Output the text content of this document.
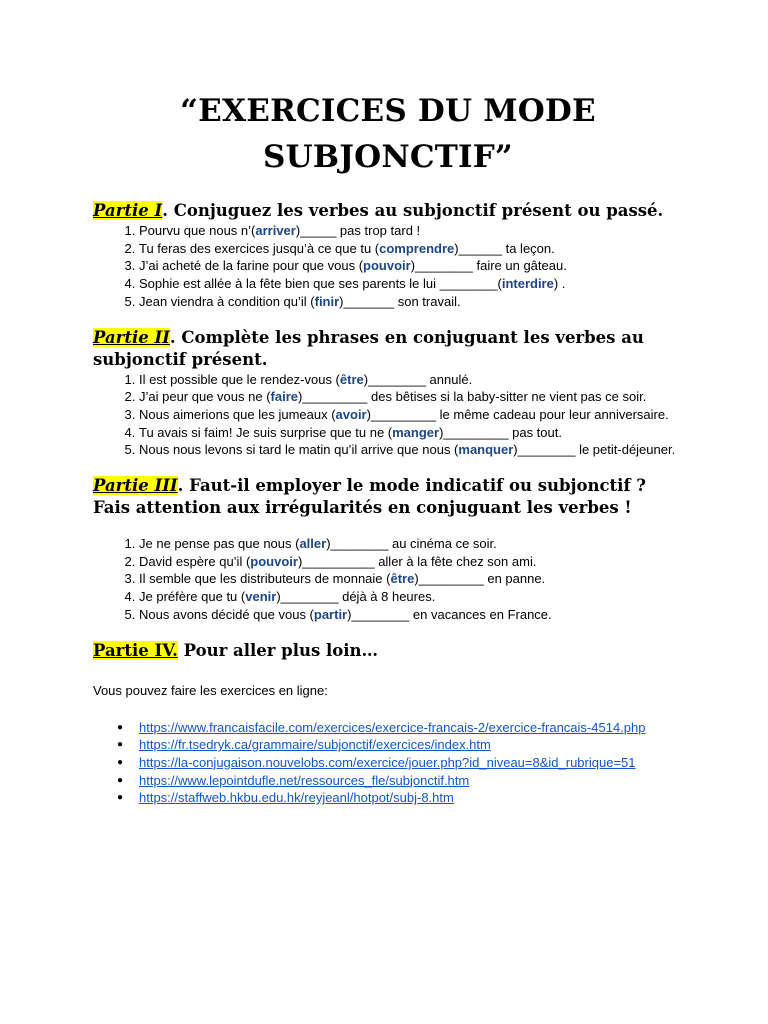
“EXERCICES DU MODE
SUBJONCTIF”

Partie I. Conjuguez les verbes au subjonctif présent ou passé.

1. Pourvu que nous n’(arriver)_____ pas trop tard !
2. Tu feras des exercices jusqu’à ce que tu (comprendre)______ ta leçon.
3. J’ai acheté de la farine pour que vous (pouvoir)________ faire un gâteau.
4. Sophie est allée à la fête bien que ses parents le lui ________(interdire) .
5. Jean viendra à condition qu’il (finir)_______ son travail.

Partie II. Complète les phrases en conjuguant les verbes au subjonctif présent.

1. Il est possible que le rendez-vous (être)________ annulé.
2. J’ai peur que vous ne (faire)_________ des bêtises si la baby-sitter ne vient pas ce soir.
3. Nous aimerions que les jumeaux (avoir)_________ le même cadeau pour leur anniversaire.
4. Tu avais si faim! Je suis surprise que tu ne (manger)_________ pas tout.
5. Nous nous levons si tard le matin qu’il arrive que nous (manquer)________ le petit-déjeuner.

Partie III. Faut-il employer le mode indicatif ou subjonctif ? Fais attention aux irrégularités en conjuguant les verbes !

1. Je ne pense pas que nous (aller)________ au cinéma ce soir.
2. David espère qu’il (pouvoir)__________ aller à la fête chez son ami.
3. Il semble que les distributeurs de monnaie (être)_________ en panne.
4. Je préfère que tu (venir)________ déjà à 8 heures.
5. Nous avons décidé que vous (partir)________ en vacances en France.

Partie IV. Pour aller plus loin…

Vous pouvez faire les exercices en ligne:

● https://www.francaisfacile.com/exercices/exercice-francais-2/exercice-francais-4514.php
● https://fr.tsedryk.ca/grammaire/subjonctif/exercices/index.htm
● https://la-conjugaison.nouvelobs.com/exercice/jouer.php?id_niveau=8&id_rubrique=51
● https://www.lepointdufle.net/ressources_fle/subjonctif.htm
● https://staffweb.hkbu.edu.hk/reyjeanl/hotpot/subj-8.htm
